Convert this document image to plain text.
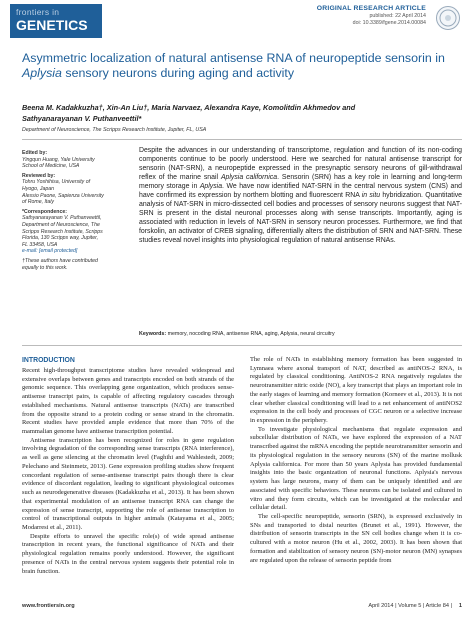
frontiers in
GENETICS
ORIGINAL RESEARCH ARTICLE
published: 22 April 2014
doi: 10.3389/fgene.2014.00084
Asymmetric localization of natural antisense RNA of neuropeptide sensorin in Aplysia sensory neurons during aging and activity
Beena M. Kadakkuzha†, Xin-An Liu†, Maria Narvaez, Alexandra Kaye, Komolitdin Akhmedov and
Sathyanarayanan V. Puthanveettil*
Department of Neuroscience, The Scripps Research Institute, Jupiter, FL, USA
Edited by:
Yingqun Huang, Yale University
School of Medicine, USA
Reviewed by:
Tohru Yoshihisa, University of
Hyogo, Japan
Alessio Paone, Sapienza University
of Rome, Italy
*Correspondence:
Sathyanarayanan V. Puthanveettil,
Department of Neuroscience, The
Scripps Research Institute, Scripps
Florida, 130 Scripps way, Jupiter,
FL 33458, USA
e-mail: [email protected]
†These authors have contributed
equally to this work.
Despite the advances in our understanding of transcriptome, regulation and function of its non-coding components continue to be poorly understood. Here we searched for natural antisense transcript for sensorin (NAT-SRN), a neuropeptide expressed in the presynaptic sensory neurons of gill-withdrawal reflex of the marine snail Aplysia californica. Sensorin (SRN) has a key role in learning and long-term memory storage in Aplysia. We have now identified NAT-SRN in the central nervous system (CNS) and have confirmed its expression by northern blotting and fluorescent RNA in situ hybridization. Quantitative analysis of NAT-SRN in micro-dissected cell bodies and processes of sensory neurons suggest that NAT-SRN is present in the distal neuronal processes along with sense transcripts. Importantly, aging is associated with reduction in levels of NAT-SRN in sensory neuron processes. Furthermore, we find that forskolin, an activator of CREB signaling, differentially alters the distribution of SRN and NAT-SRN. These studies reveal novel insights into physiological regulation of natural antisense RNAs.
Keywords: memory, nocoding RNA, antisense RNA, aging, Aplysia, neural circuitry
INTRODUCTION

Recent high-throughput transcriptome studies have revealed widespread and extensive overlaps between genes and transcripts encoded on both strands of the genomic sequence. This overlapping gene organization, which produces sense-antisense transcript pairs, is capable of affecting regulatory cascades through established mechanisms. Natural antisense transcripts (NATs) are transcribed from the opposite strand to a protein coding or sense strand in the chromatin. Recent studies have provided ample evidence that more than 70% of the mammalian genome have antisense transcription potential.

Antisense transcription has been recognized for roles in gene regulation involving degradation of the corresponding sense transcripts (RNA interference), as well as gene silencing at the chromatin level (Faghihi and Wahlestedt, 2009; Pelechano and Steinmetz, 2013). Gene expression profiling studies show frequent concordant regulation of sense-antisense transcript pairs though there is clear evidence of discordant regulation, leading to significant physiological outcomes such as neurodegenerative diseases (Kadakkuzha et al., 2013). It has been shown that experimental modulation of an antisense transcript RNA can change the expression of sense transcript, supporting the role of antisense transcription to control of transcriptional outputs in higher animals (Katayama et al., 2005; Modarresi et al., 2011).

Despite efforts to unravel the specific role(s) of wide spread antisense transcription in recent years, the functional significance of NATs and their physiological regulation remains poorly understood. However, the significant presence of NATs in the central nervous system suggests their potential role in brain function.

The role of NATs in establishing memory formation has been suggested in Lymnaea where axonal transport of NAT, described as antiNOS-2 RNA, is regulated by classical conditioning. AntiNOS-2 RNA negatively regulates the neurotransmitter nitric oxide (NO), a key transcript that plays an important role in the early stages of learning and memory formation (Korneev et al., 2013). It is not clear whether classical conditioning will lead to a net enhancement of antiNOS2 expression in the cell body and processes of CGC neuron or a selective increase in expression in the periphery.

To investigate physiological mechanisms that regulate expression and subcellular distribution of NATs, we have explored the expression of a NAT transcribed against the mRNA encoding the peptide neurotransmitter sensorin and its physiological regulation in the sensory neurons (SN) of the marine mollusk Aplysia californica. For more than 50 years Aplysia has provided fundamental insights into the basic organization of neuronal functions. Aplysia's nervous system has large neurons, many of them can be uniquely identified and are associated with specific behaviors. These neurons can be isolated and cultured in vitro and they form circuits, which can be investigated at the molecular and cellular detail.

The cell-specific neuropeptide, sensorin (SRN), is expressed exclusively in SNs and transported to distal neurites (Brunet et al., 1991). However, the distribution of sensorin transcripts in the SN cell bodies change when it is co-cultured with a motor neuron (Hu et al., 2002, 2003). It has been shown that formation and stabilization of sensory neuron (SN)-motor neuron (MN) synapses are regulated upon the release of sensorin peptide from

www.frontiersin.org	April 2014 | Volume 5 | Article 84 | 1
